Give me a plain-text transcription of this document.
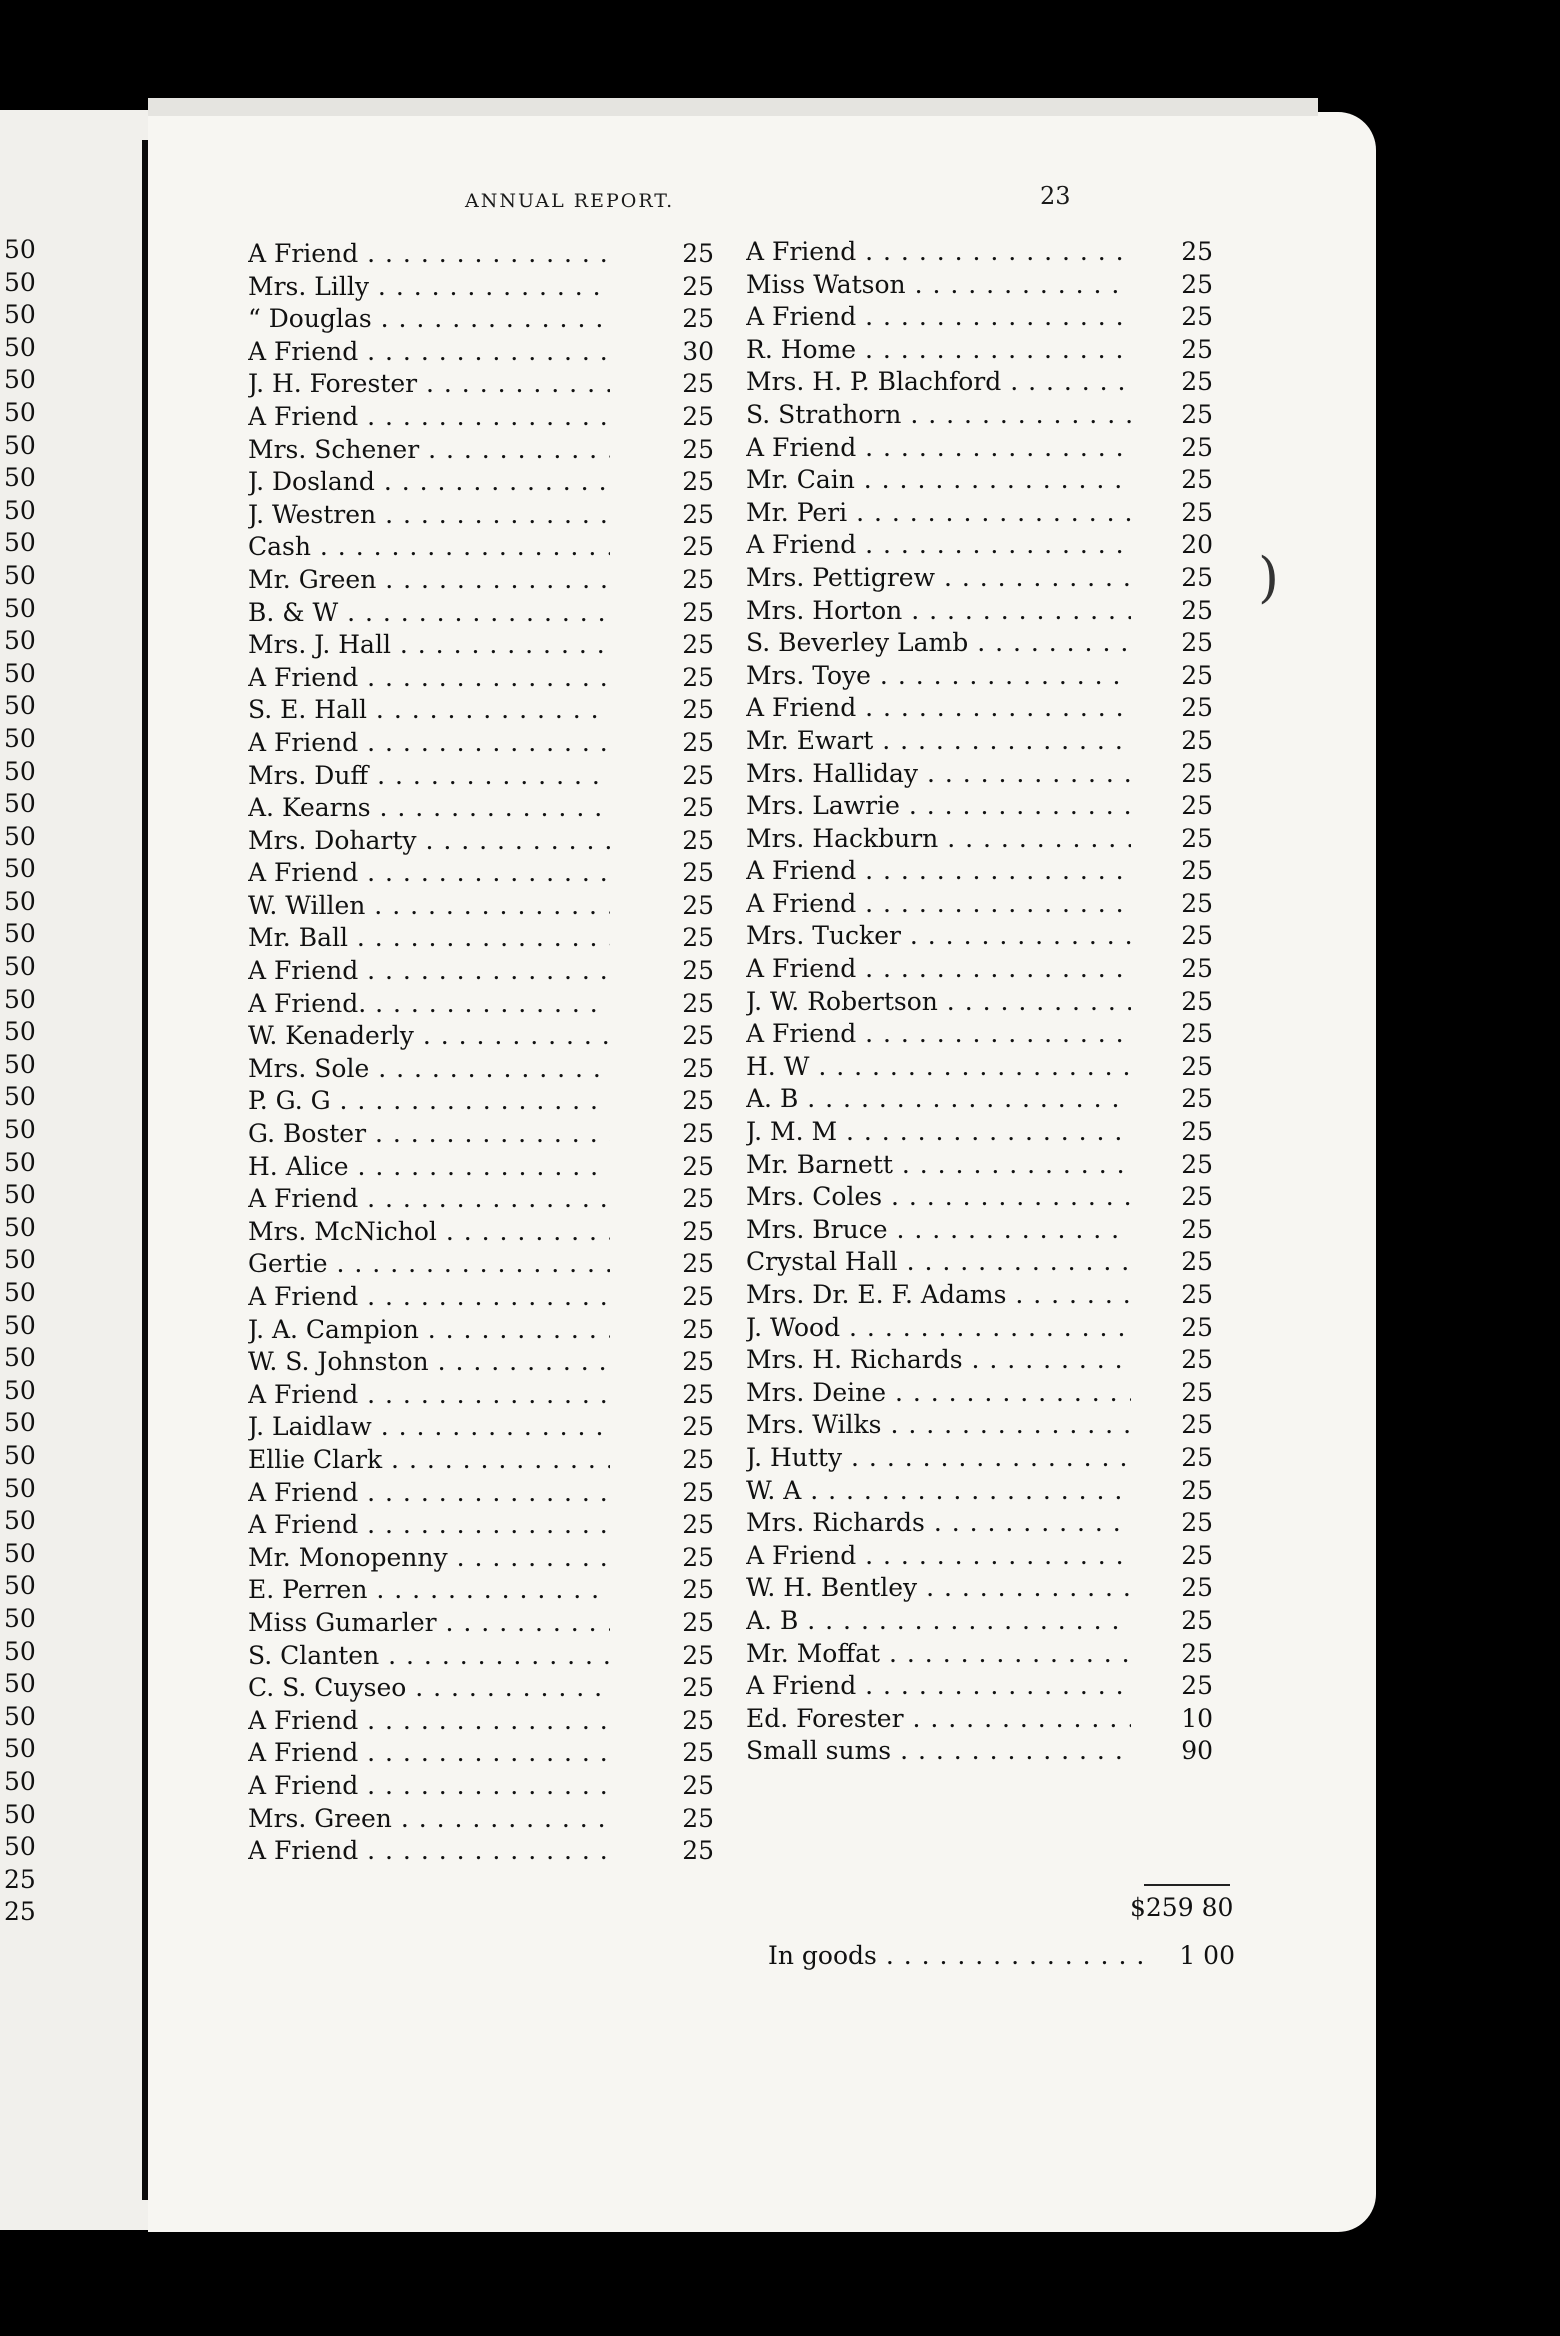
50
50
50
50
50
50
50
50
50
50
50
50
50
50
50
50
50
50
50
50
50
50
50
50
50
50
50
50
50
50
50
50
50
50
50
50
50
50
50
50
50
50
50
50
50
50
50
50
50
50
25
25
ANNUAL REPORT.	23
A Friend . . .	25
Mrs. Lilly . . .	25
“ Douglas . . .	25
A Friend . . .	30
J. H. Forester . . .	25
A Friend . . .	25
Mrs. Schener . . .	25
J. Dosland . . .	25
J. Westren . . .	25
Cash . . .	25
Mr. Green . . .	25
B. & W . . .	25
Mrs. J. Hall . . .	25
A Friend . . .	25
S. E. Hall . . .	25
A Friend . . .	25
Mrs. Duff . . .	25
A. Kearns . . .	25
Mrs. Doharty . . .	25
A Friend . . .	25
W. Willen . . .	25
Mr. Ball . . .	25
A Friend . . .	25
A Friend. . . .	25
W. Kenaderly . . .	25
Mrs. Sole . . .	25
P. G. G . . .	25
G. Boster . . .	25
H. Alice . . .	25
A Friend . . .	25
Mrs. McNichol . . .	25
Gertie . . .	25
A Friend . . .	25
J. A. Campion . . .	25
W. S. Johnston . . .	25
A Friend . . .	25
J. Laidlaw . . .	25
Ellie Clark . . .	25
A Friend . . .	25
A Friend . . .	25
Mr. Monopenny . . .	25
E. Perren . . .	25
Miss Gumarler . . .	25
S. Clanten . . .	25
C. S. Cuyseo . . .	25
A Friend . . .	25
A Friend . . .	25
A Friend . . .	25
Mrs. Green . . .	25
A Friend . . .	25
A Friend . . .	25
Miss Watson . . .	25
A Friend . . .	25
R. Home . . .	25
Mrs. H. P. Blachford . . .	25
S. Strathorn . . .	25
A Friend . . .	25
Mr. Cain . . .	25
Mr. Peri . . .	25
A Friend . . .	20
Mrs. Pettigrew . . .	25
Mrs. Horton . . .	25
S. Beverley Lamb . . .	25
Mrs. Toye . . .	25
A Friend . . .	25
Mr. Ewart . . .	25
Mrs. Halliday . . .	25
Mrs. Lawrie . . .	25
Mrs. Hackburn . . .	25
A Friend . . .	25
A Friend . . .	25
Mrs. Tucker . . .	25
A Friend . . .	25
J. W. Robertson . . .	25
A Friend . . .	25
H. W . . .	25
A. B . . .	25
J. M. M . . .	25
Mr. Barnett . . .	25
Mrs. Coles . . .	25
Mrs. Bruce . . .	25
Crystal Hall . . .	25
Mrs. Dr. E. F. Adams . . .	25
J. Wood . . .	25
Mrs. H. Richards . . .	25
Mrs. Deine . . .	25
Mrs. Wilks . . .	25
J. Hutty . . .	25
W. A . . .	25
Mrs. Richards . . .	25
A Friend . . .	25
W. H. Bentley . . .	25
A. B . . .	25
Mr. Moffat . . .	25
A Friend . . .	25
Ed. Forester . . .	10
Small sums . . .	90
$259 80
In goods . . .	1 00
)
